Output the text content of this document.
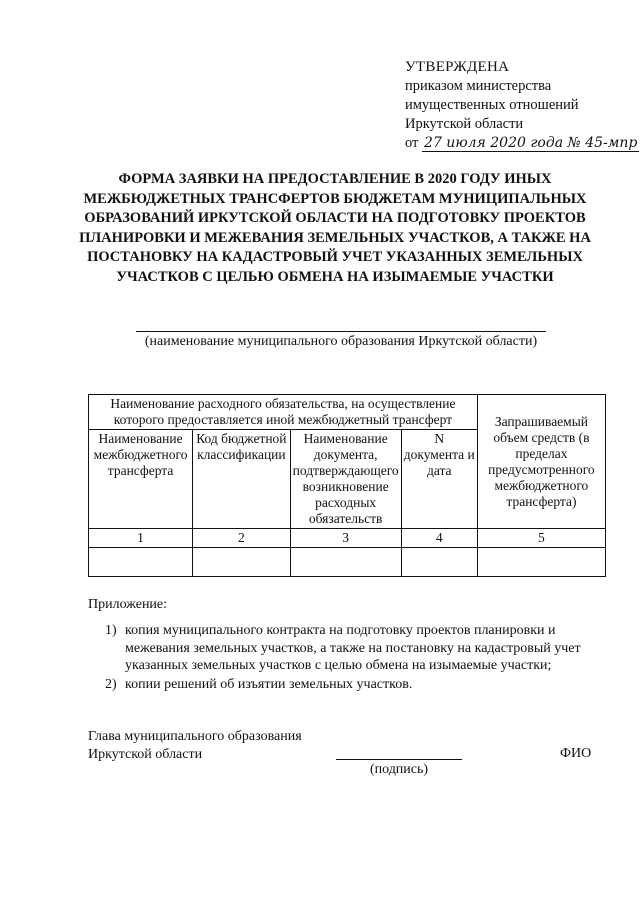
УТВЕРЖДЕНА
приказом министерства
имущественных отношений
Иркутской области
от 27 июля 2020 года № 45-мпр
ФОРМА ЗАЯВКИ НА ПРЕДОСТАВЛЕНИЕ В 2020 ГОДУ ИНЫХ МЕЖБЮДЖЕТНЫХ ТРАНСФЕРТОВ БЮДЖЕТАМ МУНИЦИПАЛЬНЫХ ОБРАЗОВАНИЙ ИРКУТСКОЙ ОБЛАСТИ НА ПОДГОТОВКУ ПРОЕКТОВ ПЛАНИРОВКИ И МЕЖЕВАНИЯ ЗЕМЕЛЬНЫХ УЧАСТКОВ, А ТАКЖЕ НА ПОСТАНОВКУ НА КАДАСТРОВЫЙ УЧЕТ УКАЗАННЫХ ЗЕМЕЛЬНЫХ УЧАСТКОВ С ЦЕЛЬЮ ОБМЕНА НА ИЗЫМАЕМЫЕ УЧАСТКИ
(наименование муниципального образования Иркутской области)
Наименование расходного обязательства, на осуществление которого предоставляется иной межбюджетный трансферт				Запрашиваемый объем средств (в пределах предусмотренного межбюджетного трансферта)
Наименование межбюджетного трансферта	Код бюджетной классификации	Наименование документа, подтверждающего возникновение расходных обязательств	N документа и дата	
1	2	3	4	5

Приложение:
1) копия муниципального контракта на подготовку проектов планировки и межевания земельных участков, а также на постановку на кадастровый учет указанных земельных участков с целью обмена на изымаемые участки;
2) копии решений об изъятии земельных участков.
Глава муниципального образования
Иркутской области
(подпись)
ФИО
